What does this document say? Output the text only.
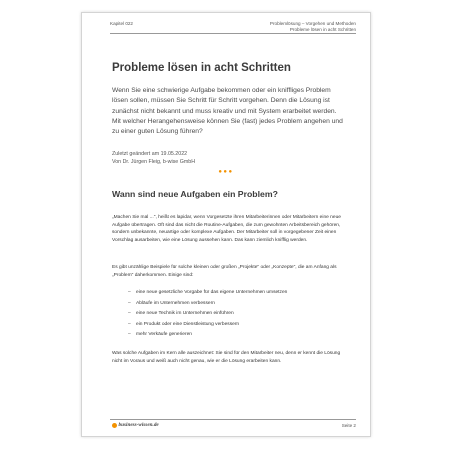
Kapitel 022	Problemlösung – Vorgehen und Methoden
Probleme lösen in acht Schritten
Probleme lösen in acht Schritten
Wenn Sie eine schwierige Aufgabe bekommen oder ein kniffliges Problem lösen sollen, müssen Sie Schritt für Schritt vorgehen. Denn die Lösung ist zunächst nicht bekannt und muss kreativ und mit System erarbeitet werden. Mit welcher Herangehensweise können Sie (fast) jedes Problem angehen und zu einer guten Lösung führen?
Zuletzt geändert am 19.05.2022
Von Dr. Jürgen Fleig, b-wise GmbH
●●●
Wann sind neue Aufgaben ein Problem?
„Machen Sie mal ...", heißt es lapidar, wenn Vorgesetzte ihren Mitarbeiterinnen oder Mitarbeitern eine neue Aufgabe übertragen. Oft sind das nicht die Routine-Aufgaben, die zum gewohnten Arbeitsbereich gehören, sondern unbekannte, neuartige oder komplexe Aufgaben. Der Mitarbeiter soll in vorgegebener Zeit einen Vorschlag ausarbeiten, wie eine Lösung aussehen kann. Das kann ziemlich knifflig werden.
Es gibt unzählige Beispiele für solche kleinen oder großen „Projekte" oder „Konzepte", die am Anfang als „Problem" daherkommen. Einige sind:
–	eine neue gesetzliche Vorgabe für das eigene Unternehmen umsetzen
–	Abläufe im Unternehmen verbessern
–	eine neue Technik im Unternehmen einführen
–	ein Produkt oder eine Dienstleistung verbessern
–	mehr Verkäufe generieren
Was solche Aufgaben im Kern alle auszeichnet: Sie sind für den Mitarbeiter neu, denn er kennt die Lösung nicht im Voraus und weiß auch nicht genau, wie er die Lösung erarbeiten kann.
business-wissen.de	Seite 2
